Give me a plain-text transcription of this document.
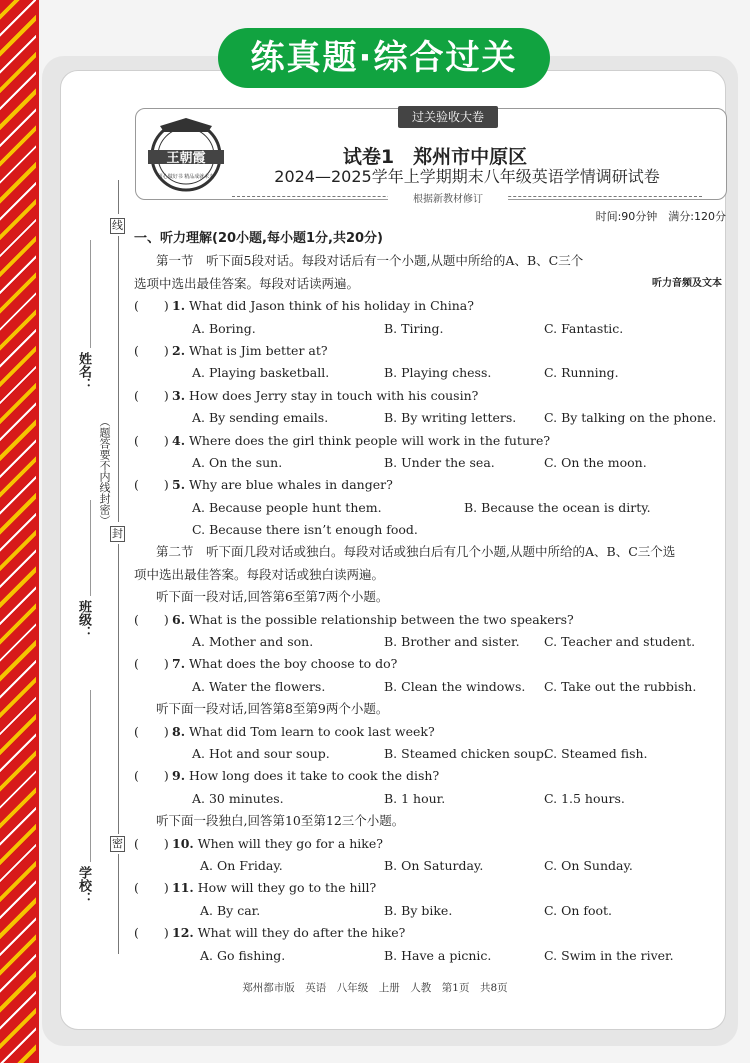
练真题·综合过关
过关验收大卷
王朝霞
用心做好书 精品成就未来
试卷1　郑州市中原区
2024—2025学年上学期期末八年级英语学情调研试卷
根据新教材修订
时间:90分钟　满分:120分
线
封
密
姓名：
班级：
学校：
（题答要不内线封密）
一、听力理解(20小题,每小题1分,共20分)
第一节　听下面5段对话。每段对话后有一个小题,从题中所给的A、B、C三个
选项中选出最佳答案。每段对话读两遍。	听力音频及文本
(　　) 1. What did Jason think of his holiday in China?
A. Boring.	B. Tiring.	C. Fantastic.
(　　) 2. What is Jim better at?
A. Playing basketball.	B. Playing chess.	C. Running.
(　　) 3. How does Jerry stay in touch with his cousin?
A. By sending emails.	B. By writing letters. C. By talking on the phone.
(　　) 4. Where does the girl think people will work in the future?
A. On the sun.	B. Under the sea.	C. On the moon.
(　　) 5. Why are blue whales in danger?
A. Because people hunt them.	B. Because the ocean is dirty.
C. Because there isn’t enough food.
第二节　听下面几段对话或独白。每段对话或独白后有几个小题,从题中所给的A、B、C三个选
项中选出最佳答案。每段对话或独白读两遍。
听下面一段对话,回答第6至第7两个小题。
(　　) 6. What is the possible relationship between the two speakers?
A. Mother and son.	B. Brother and sister. C. Teacher and student.
(　　) 7. What does the boy choose to do?
A. Water the flowers.	B. Clean the windows. C. Take out the rubbish.
听下面一段对话,回答第8至第9两个小题。
(　　) 8. What did Tom learn to cook last week?
A. Hot and sour soup.	B. Steamed chicken soup.
C. Steamed fish.
(　　) 9. How long does it take to cook the dish?
A. 30 minutes.	B. 1 hour.	C. 1.5 hours.
听下面一段独白,回答第10至第12三个小题。
(　　) 10. When will they go for a hike?
A. On Friday.	B. On Saturday.	C. On Sunday.
(　　) 11. How will they go to the hill?
A. By car.	B. By bike.	C. On foot.
(　　) 12. What will they do after the hike?
A. Go fishing.	B. Have a picnic.	C. Swim in the river.
郑州都市版　英语　八年级　上册　人教　第1页　共8页
